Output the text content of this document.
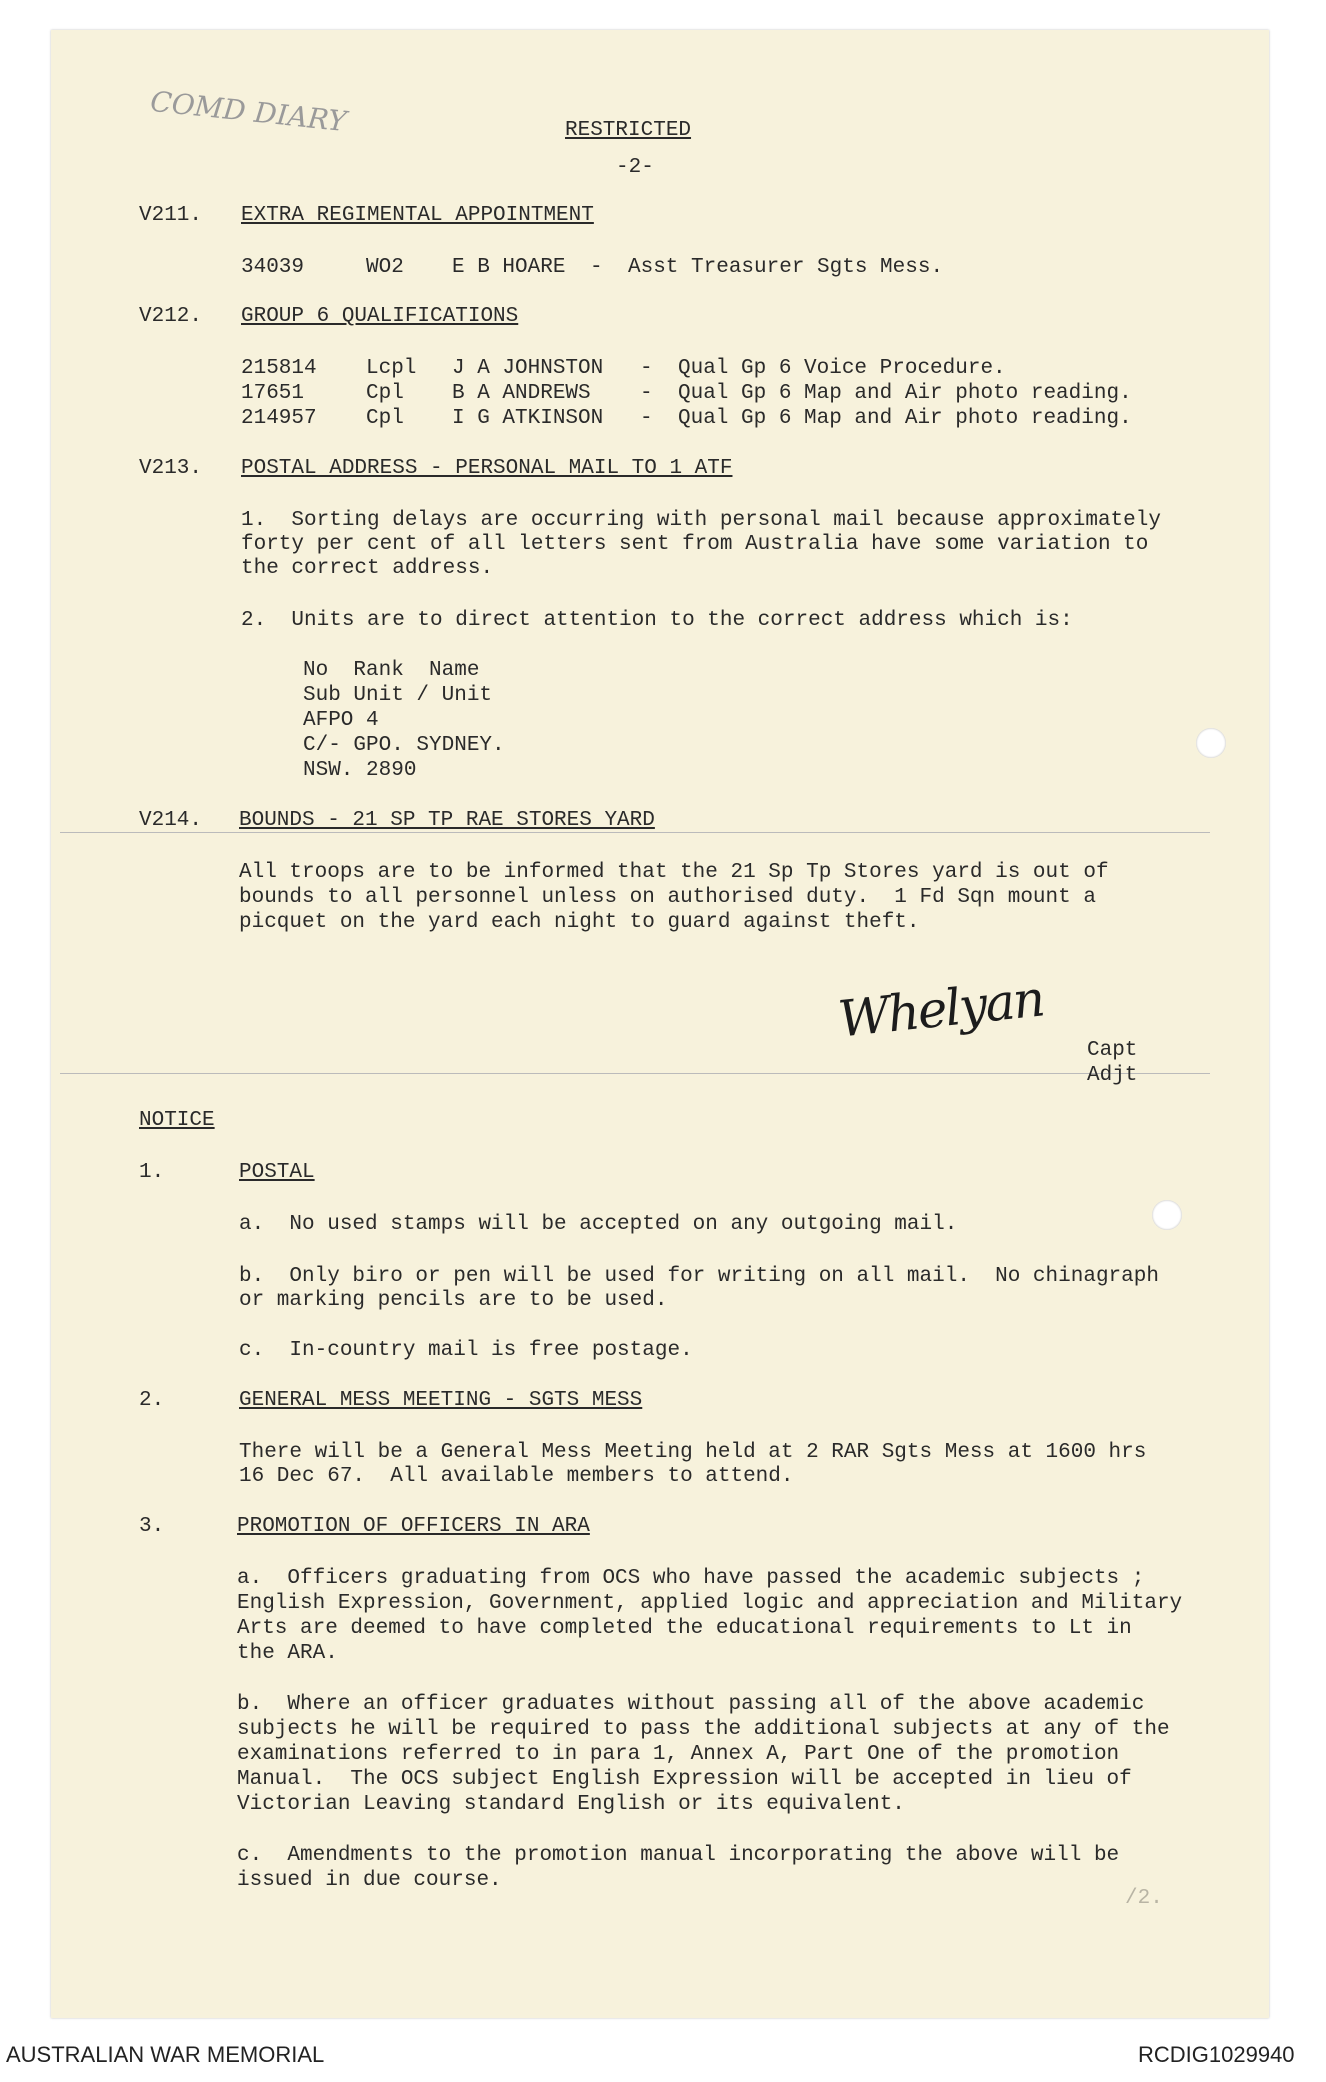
COMD DIARY	RESTRICTED
-2-
V211. EXTRA REGIMENTAL APPOINTMENT
34039	WO2 E B HOARE - Asst Treasurer Sgts Mess.
V212. GROUP 6 QUALIFICATIONS
215814 Lcpl J A JOHNSTON - Qual Gp 6 Voice Procedure.
17651	Cpl B A ANDREWS - Qual Gp 6 Map and Air photo reading.
214957 Cpl I G ATKINSON - Qual Gp 6 Map and Air photo reading.
V213. POSTAL ADDRESS - PERSONAL MAIL TO 1 ATF
1.  Sorting delays are occurring with personal mail because approximately
forty per cent of all letters sent from Australia have some variation to
the correct address.
2.  Units are to direct attention to the correct address which is:
No  Rank  Name
Sub Unit / Unit
AFPO 4
C/- GPO. SYDNEY.
NSW. 2890
V214. BOUNDS - 21 SP TP RAE STORES YARD
All troops are to be informed that the 21 Sp Tp Stores yard is out of
bounds to all personnel unless on authorised duty.  1 Fd Sqn mount a
picquet on the yard each night to guard against theft.
Whelyan
Capt
Adjt
NOTICE
1.	POSTAL
a.  No used stamps will be accepted on any outgoing mail.
b.  Only biro or pen will be used for writing on all mail.  No chinagraph
or marking pencils are to be used.
c.  In-country mail is free postage.
2.	GENERAL MESS MEETING - SGTS MESS
There will be a General Mess Meeting held at 2 RAR Sgts Mess at 1600 hrs
16 Dec 67.  All available members to attend.
3.	PROMOTION OF OFFICERS IN ARA
a.  Officers graduating from OCS who have passed the academic subjects ;
English Expression, Government, applied logic and appreciation and Military
Arts are deemed to have completed the educational requirements to Lt in
the ARA.
b.  Where an officer graduates without passing all of the above academic
subjects he will be required to pass the additional subjects at any of the
examinations referred to in para 1, Annex A, Part One of the promotion
Manual.  The OCS subject English Expression will be accepted in lieu of
Victorian Leaving standard English or its equivalent.
c.  Amendments to the promotion manual incorporating the above will be
issued in due course.
/2.
AUSTRALIAN WAR MEMORIAL	RCDIG1029940
